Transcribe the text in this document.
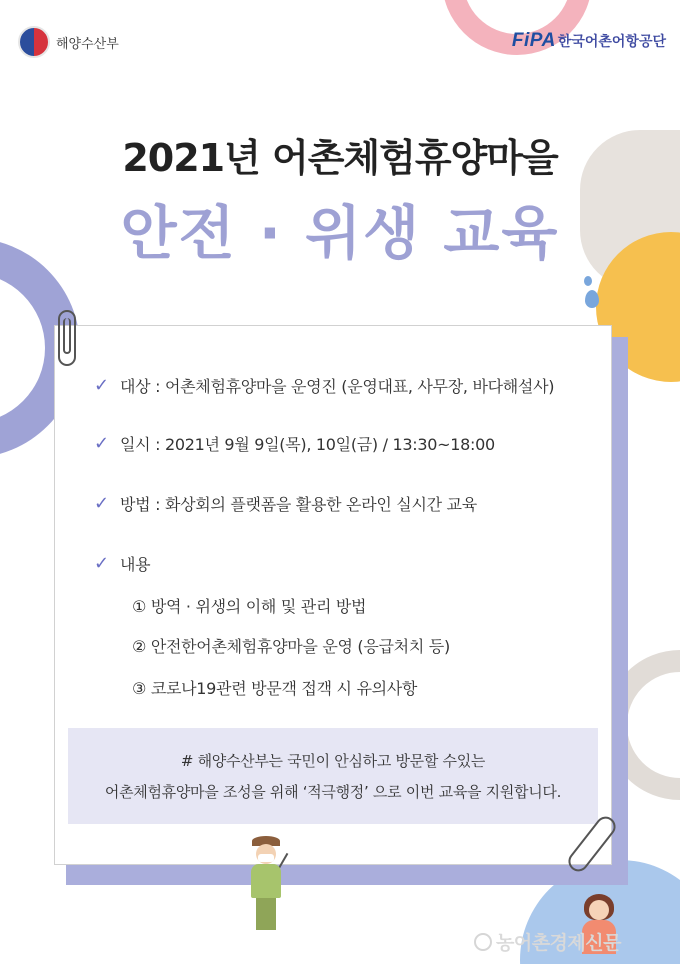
해양수산부	FiPA 한국어촌어항공단
2021년 어촌체험휴양마을
안전 · 위생 교육
✓ 대상 : 어촌체험휴양마을 운영진 (운영대표, 사무장, 바다해설사)
✓ 일시 : 2021년 9월 9일(목), 10일(금) / 13:30~18:00
✓ 방법 : 화상회의 플랫폼을 활용한 온라인 실시간 교육
✓ 내용
① 방역 · 위생의 이해 및 관리 방법
② 안전한어촌체험휴양마을 운영 (응급처치 등)
③ 코로나19관련 방문객 접객 시 유의사항
# 해양수산부는 국민이 안심하고 방문할 수있는
어촌체험휴양마을 조성을 위해 ‘적극행정’ 으로 이번 교육을 지원합니다.
농어촌경제신문
